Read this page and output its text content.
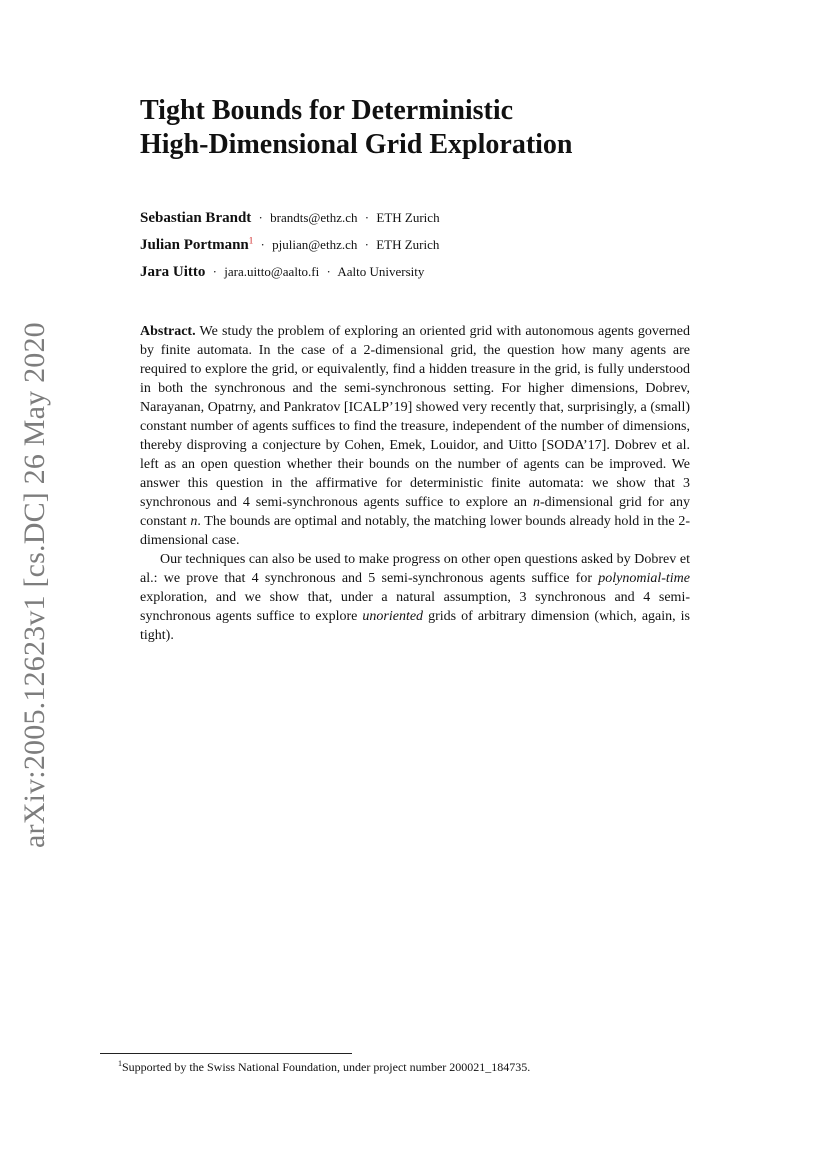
arXiv:2005.12623v1 [cs.DC] 26 May 2020
Tight Bounds for Deterministic
High-Dimensional Grid Exploration
Sebastian Brandt · brandts@ethz.ch · ETH Zurich
Julian Portmann$^1$ · pjulian@ethz.ch · ETH Zurich
Jara Uitto · jara.uitto@aalto.fi · Aalto University

Abstract. We study the problem of exploring an oriented grid with autonomous agents governed by finite automata. In the case of a 2-dimensional grid, the question how many agents are required to explore the grid, or equivalently, find a hidden treasure in the grid, is fully understood in both the synchronous and the semi-synchronous setting. For higher dimensions, Dobrev, Narayanan, Opatrny, and Pankratov [ICALP’19] showed very recently that, surprisingly, a (small) constant number of agents suffices to find the treasure, independent of the number of dimensions, thereby disproving a conjecture by Cohen, Emek, Louidor, and Uitto [SODA’17]. Dobrev et al. left as an open question whether their bounds on the number of agents can be improved. We answer this question in the affirmative for deterministic finite automata: we show that 3 synchronous and 4 semi-synchronous agents suffice to explore an n-dimensional grid for any constant n. The bounds are optimal and notably, the matching lower bounds already hold in the 2-dimensional case.

Our techniques can also be used to make progress on other open questions asked by Dobrev et al.: we prove that 4 synchronous and 5 semi-synchronous agents suffice for polynomial-time exploration, and we show that, under a natural assumption, 3 synchronous and 4 semi-synchronous agents suffice to explore unoriented grids of arbitrary dimension (which, again, is tight).

$^1$Supported by the Swiss National Foundation, under project number 200021_184735.
